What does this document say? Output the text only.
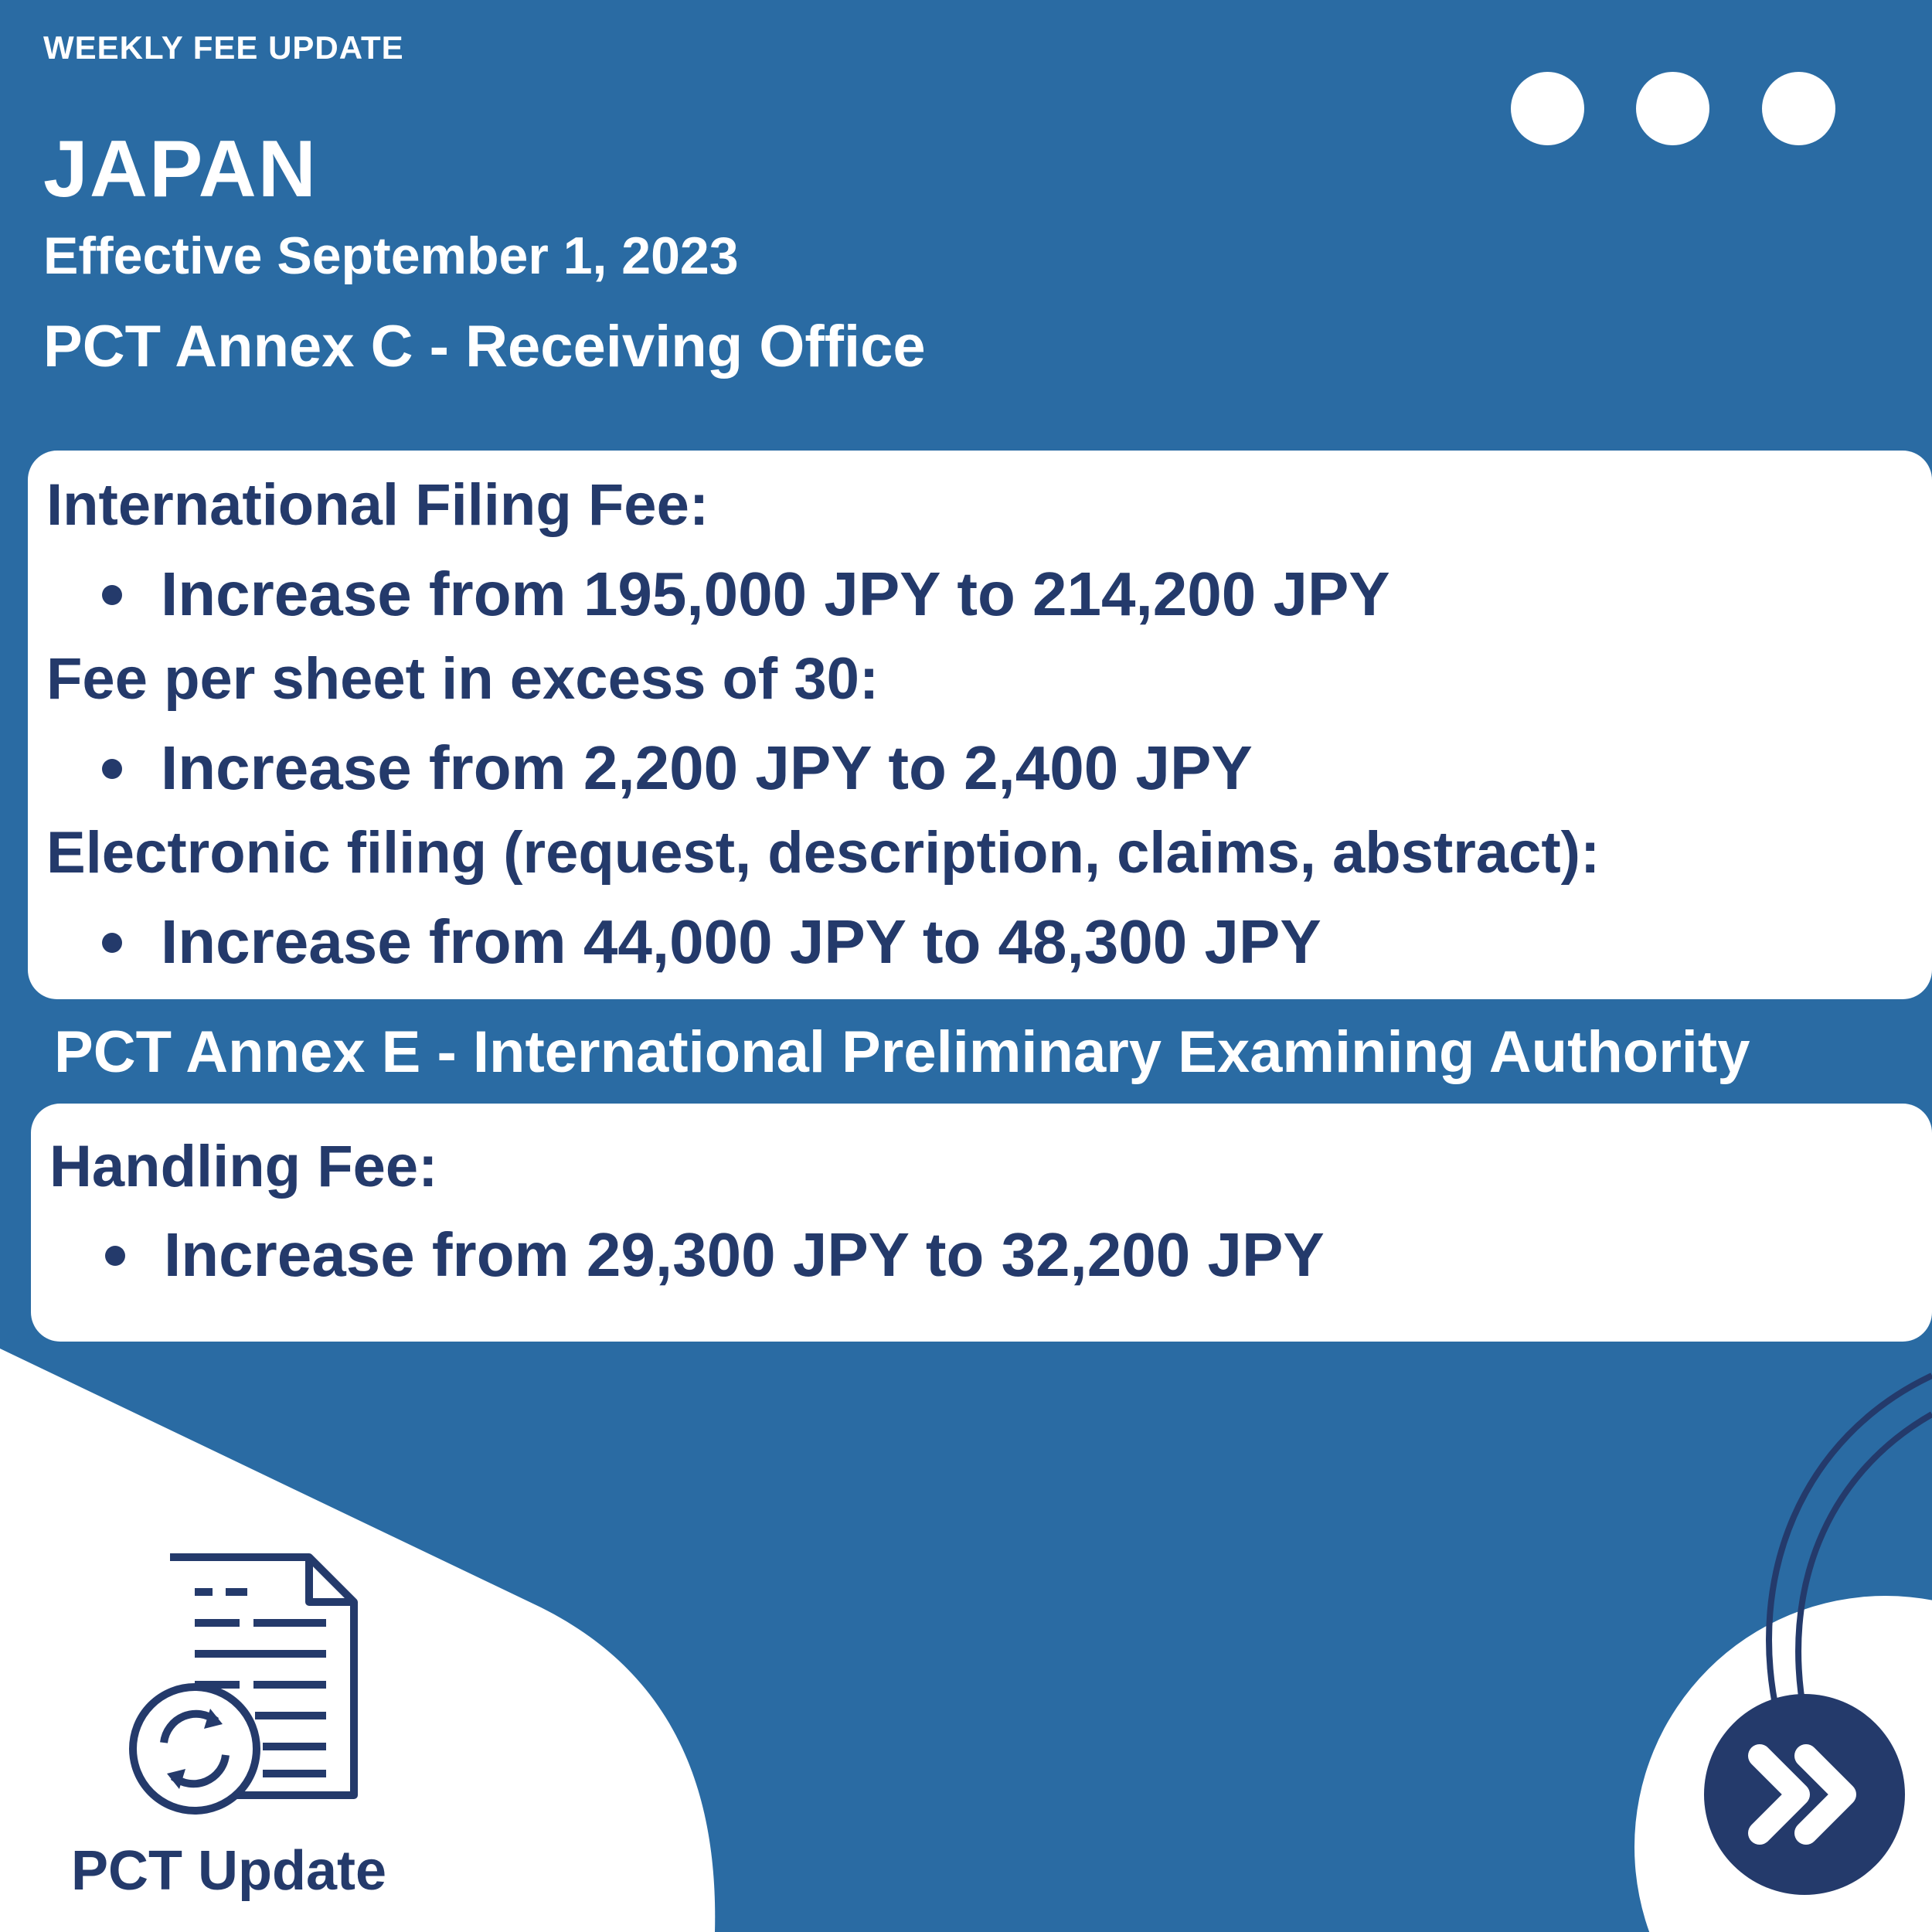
WEEKLY FEE UPDATE
JAPAN
Effective September 1, 2023
PCT Annex C - Receiving Office
International Filing Fee:
Increase from 195,000 JPY to 214,200 JPY
Fee per sheet in excess of 30:
Increase from 2,200 JPY to 2,400 JPY
Electronic filing (request, description, claims, abstract):
Increase from 44,000 JPY to 48,300 JPY
PCT Annex E - International Preliminary Examining Authority
Handling Fee:
Increase from 29,300 JPY to 32,200 JPY
PCT Update
